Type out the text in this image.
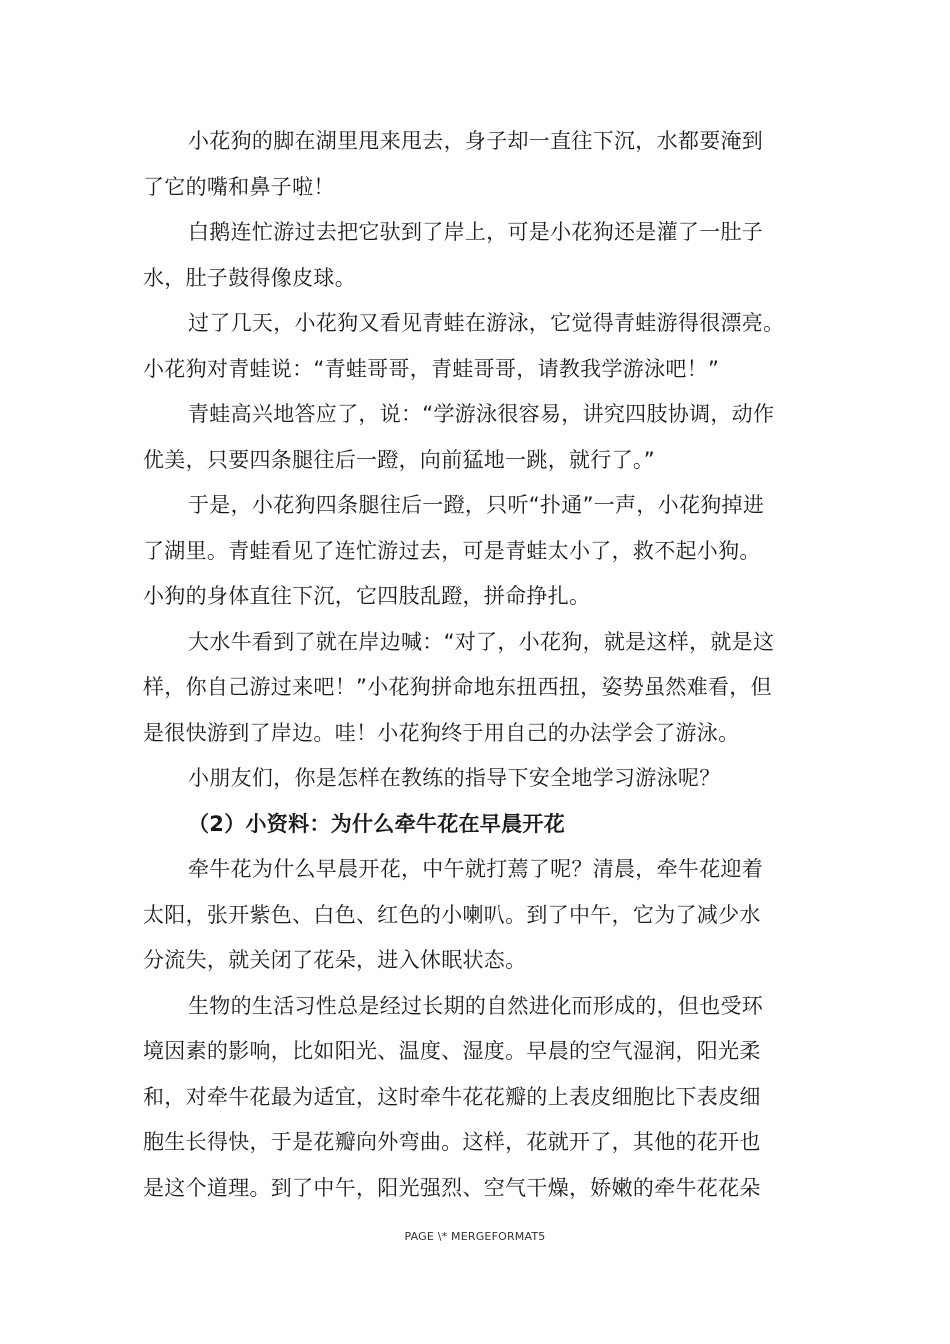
小花狗的脚在湖里甩来甩去，身子却一直往下沉，水都要淹到
了它的嘴和鼻子啦！

白鹅连忙游过去把它驮到了岸上，可是小花狗还是灌了一肚子
水，肚子鼓得像皮球。

过了几天，小花狗又看见青蛙在游泳，它觉得青蛙游得很漂亮。
小花狗对青蛙说：“青蛙哥哥，青蛙哥哥，请教我学游泳吧！”

青蛙高兴地答应了，说：“学游泳很容易，讲究四肢协调，动作
优美，只要四条腿往后一蹬，向前猛地一跳，就行了。”

于是，小花狗四条腿往后一蹬，只听“扑通”一声，小花狗掉进
了湖里。青蛙看见了连忙游过去，可是青蛙太小了，救不起小狗。
小狗的身体直往下沉，它四肢乱蹬，拼命挣扎。

大水牛看到了就在岸边喊：“对了，小花狗，就是这样，就是这
样，你自己游过来吧！”小花狗拼命地东扭西扭，姿势虽然难看，但
是很快游到了岸边。哇！小花狗终于用自己的办法学会了游泳。

小朋友们，你是怎样在教练的指导下安全地学习游泳呢？

（2）小资料：为什么牵牛花在早晨开花

牵牛花为什么早晨开花，中午就打蔫了呢？清晨，牵牛花迎着
太阳，张开紫色、白色、红色的小喇叭。到了中午，它为了减少水
分流失，就关闭了花朵，进入休眠状态。

生物的生活习性总是经过长期的自然进化而形成的，但也受环
境因素的影响，比如阳光、温度、湿度。早晨的空气湿润，阳光柔
和，对牵牛花最为适宜，这时牵牛花花瓣的上表皮细胞比下表皮细
胞生长得快，于是花瓣向外弯曲。这样，花就开了，其他的花开也
是这个道理。到了中午，阳光强烈、空气干燥，娇嫩的牵牛花花朵

PAGE \* MERGEFORMAT5
